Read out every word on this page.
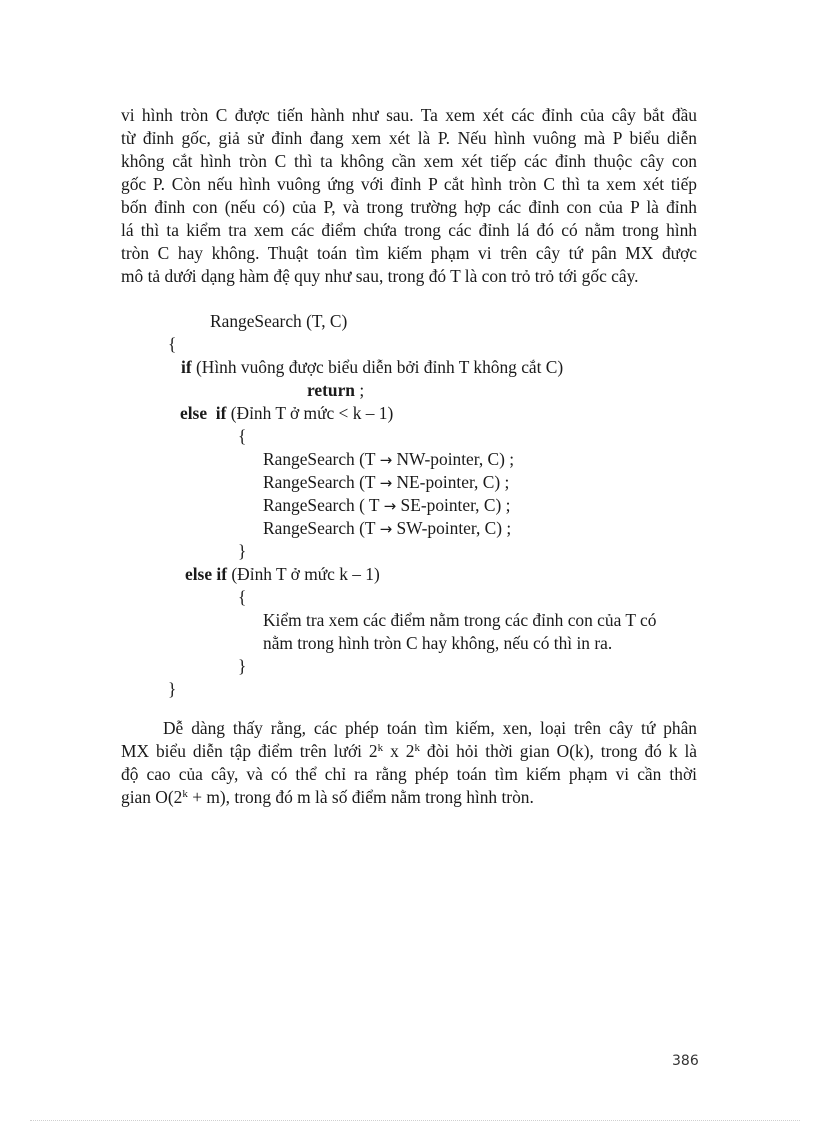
vi hình tròn C được tiến hành như sau. Ta xem xét các đỉnh của cây bắt đầu
từ đỉnh gốc, giả sử đỉnh đang xem xét là P. Nếu hình vuông mà P biểu diễn
không cắt hình tròn C thì ta không cần xem xét tiếp các đỉnh thuộc cây con
gốc P. Còn nếu hình vuông ứng với đỉnh P cắt hình tròn C thì ta xem xét tiếp
bốn đỉnh con (nếu có) của P, và trong trường hợp các đỉnh con của P là đỉnh
lá thì ta kiểm tra xem các điểm chứa trong các đỉnh lá đó có nằm trong hình
tròn C hay không. Thuật toán tìm kiếm phạm vi trên cây tứ pân MX được
mô tả dưới dạng hàm đệ quy như sau, trong đó T là con trỏ trỏ tới gốc cây.

RangeSearch (T, C)
{
if (Hình vuông được biểu diễn bởi đỉnh T không cắt C)
return ;
else if (Đỉnh T ở mức < k – 1)
{
RangeSearch (T → NW-pointer, C) ;
RangeSearch (T → NE-pointer, C) ;
RangeSearch ( T → SE-pointer, C) ;
RangeSearch (T → SW-pointer, C) ;
}
else if (Đỉnh T ở mức k – 1)
{
Kiểm tra xem các điểm nằm trong các đỉnh con của T có
nằm trong hình tròn C hay không, nếu có thì in ra.
}
}

Dễ dàng thấy rằng, các phép toán tìm kiếm, xen, loại trên cây tứ phân
MX biểu diễn tập điểm trên lưới 2$^k$ x 2$^k$ đòi hỏi thời gian O(k), trong đó k là
độ cao của cây, và có thể chỉ ra rằng phép toán tìm kiếm phạm vi cần thời
gian $O(2^k + m)$, trong đó m là số điểm nằm trong hình tròn.

386
